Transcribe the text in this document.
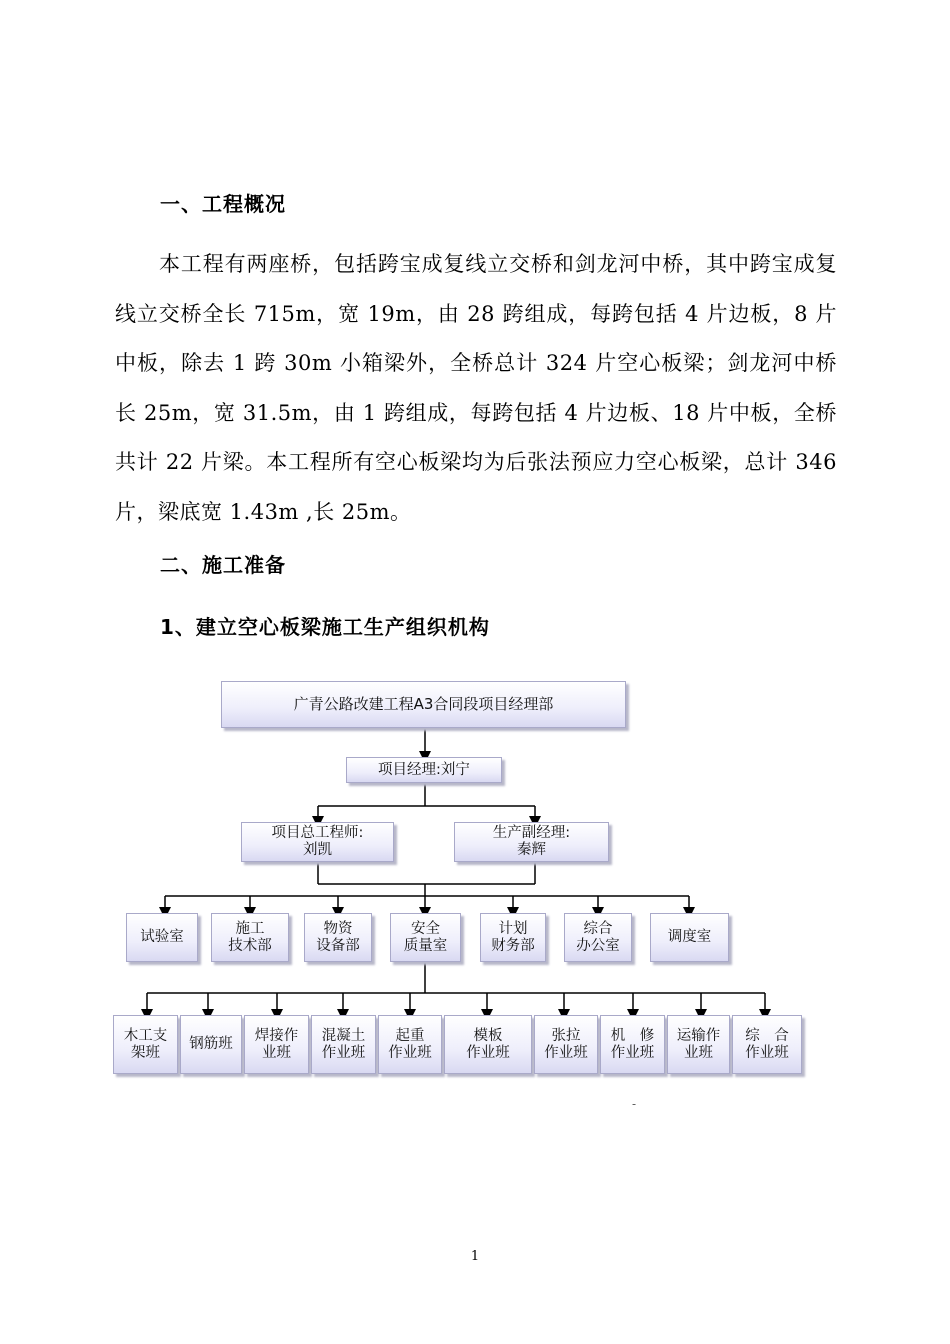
一、工程概况
本工程有两座桥，包括跨宝成复线立交桥和剑龙河中桥，其中跨宝成复线立交桥全长 715m，宽 19m，由 28 跨组成，每跨包括 4 片边板，8 片中板，除去 1 跨 30m 小箱梁外，全桥总计 324 片空心板梁；剑龙河中桥长 25m，宽 31.5m，由 1 跨组成，每跨包括 4 片边板、18 片中板，全桥共计 22 片梁。本工程所有空心板梁均为后张法预应力空心板梁，总计 346 片，梁底宽 1.43m ,长 25m。
二、施工准备
1、建立空心板梁施工生产组织机构
广青公路改建工程A3合同段项目经理部
项目经理:刘宁
项目总工程师:
刘凯
生产副经理:
秦辉
试验室
施工
技术部
物资
设备部
安全
质量室
计划
财务部
综合
办公室
调度室
木工支
架班
钢筋班
焊接作
业班
混凝土
作业班
起重
作业班
模板
作业班
张拉
作业班
机　修
作业班
运输作
业班
综　合
作业班
-
1
